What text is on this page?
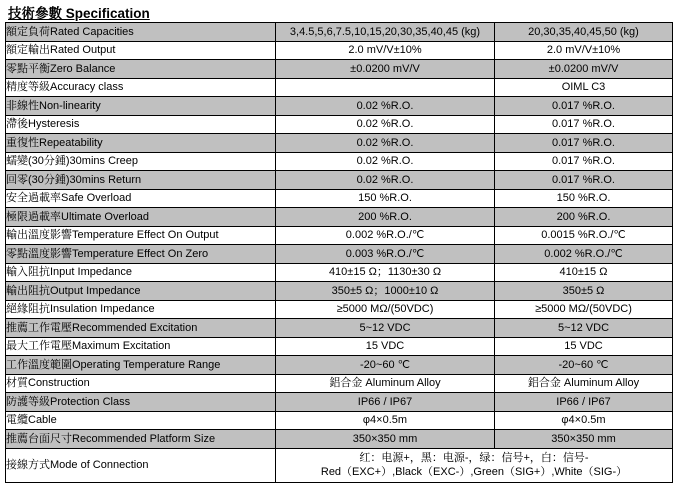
技術參數 Specification
額定負荷Rated Capacities	3,4.5,5,6,7.5,10,15,20,30,35,40,45 (kg)	20,30,35,40,45,50 (kg)
額定輸出Rated Output	2.0 mV/V±10%	2.0 mV/V±10%
零點平衡Zero Balance	±0.0200 mV/V	±0.0200 mV/V
精度等級Accuracy class		OIML C3
非線性Non-linearity	0.02 %R.O.	0.017 %R.O.
滯後Hysteresis	0.02 %R.O.	0.017 %R.O.
重復性Repeatability	0.02 %R.O.	0.017 %R.O.
蠕變(30分鍾)30mins Creep	0.02 %R.O.	0.017 %R.O.
回零(30分鍾)30mins Return	0.02 %R.O.	0.017 %R.O.
安全過載率Safe Overload	150 %R.O.	150 %R.O.
極限過載率Ultimate Overload	200 %R.O.	200 %R.O.
輸出溫度影響Temperature Effect On Output	0.002 %R.O./℃	0.0015 %R.O./℃
零點溫度影響Temperature Effect On Zero	0.003 %R.O./℃	0.002 %R.O./℃
輸入阻抗Input Impedance	410±15 Ω；1130±30 Ω	410±15 Ω
輸出阻抗Output Impedance	350±5 Ω；1000±10 Ω	350±5 Ω
絕緣阻抗Insulation Impedance	≥5000 MΩ/(50VDC)	≥5000 MΩ/(50VDC)
推薦工作電壓Recommended Excitation	5~12 VDC	5~12 VDC
最大工作電壓Maximum Excitation	15 VDC	15 VDC
工作溫度範圍Operating Temperature Range	-20~60 ℃	-20~60 ℃
材質Construction	鋁合金 Aluminum Alloy	鋁合金 Aluminum Alloy
防護等級Protection Class	IP66 / IP67	IP66 / IP67
電纜Cable	φ4×0.5m	φ4×0.5m
推薦台面尺寸Recommended Platform Size	350×350 mm	350×350 mm
接線方式Mode of Connection	红：电源+，黑：电源-，绿：信号+，白：信号-
Red（EXC+）,Black（EXC-）,Green（SIG+）,White（SIG-）	
